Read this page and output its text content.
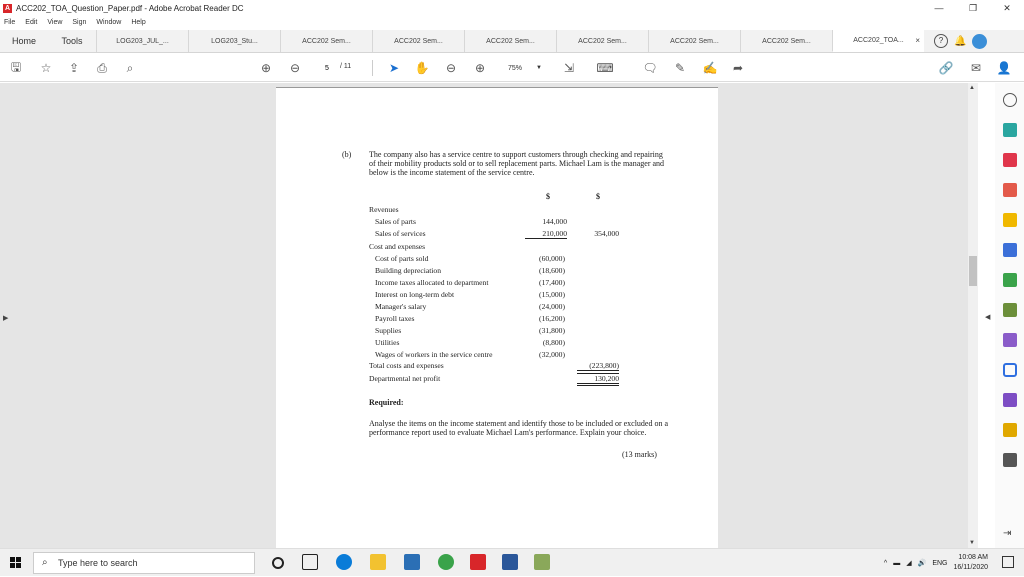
A ACC202_TOA_Question_Paper.pdf - Adobe Acrobat Reader DC	—	❐	✕
File Edit View Sign Window Help
Home	Tools	LOG203_JUL_...	LOG203_Stu...	ACC202 Sem...	ACC202 Sem...	ACC202 Sem...	ACC202 Sem...	ACC202 Sem...	ACC202 Sem...	ACC202_TOA... ×	?	🔔
🖫 ☆ ⇪ ⎙	⌕	⊕ ⊖	5	/ 11	➤ ✋ ⊖ ⊕	75% ▼ ⇲ ⌨ 🗨 ✎ ✍ ➦	🔗 ✉ 👤
▶
(b) The company also has a service centre to support customers through checking and repairing of their mobility products sold or to sell replacement parts. Michael Lam is the manager and below is the income statement of the service centre.
$	$
Revenues
Sales of parts	144,000
Sales of services	210,000	354,000
Cost and expenses
Cost of parts sold	(60,000)
Building depreciation	(18,600)
Income taxes allocated to department	(17,400)
Interest on long-term debt	(15,000)
Manager's salary	(24,000)
Payroll taxes	(16,200)
Supplies	(31,800)
Utilities	(8,800)
Wages of workers in the service centre	(32,000)
Total costs and expenses	(223,800)
Departmental net profit	130,200
Required:
Analyse the items on the income statement and identify those to be included or excluded on a performance report used to evaluate Michael Lam's performance. Explain your choice.
(13 marks)
▲
▼
◀
⇥
⌕ Type here to search	^ ▬ ◢ 🔊 ENG
10:08 AM
16/11/2020
